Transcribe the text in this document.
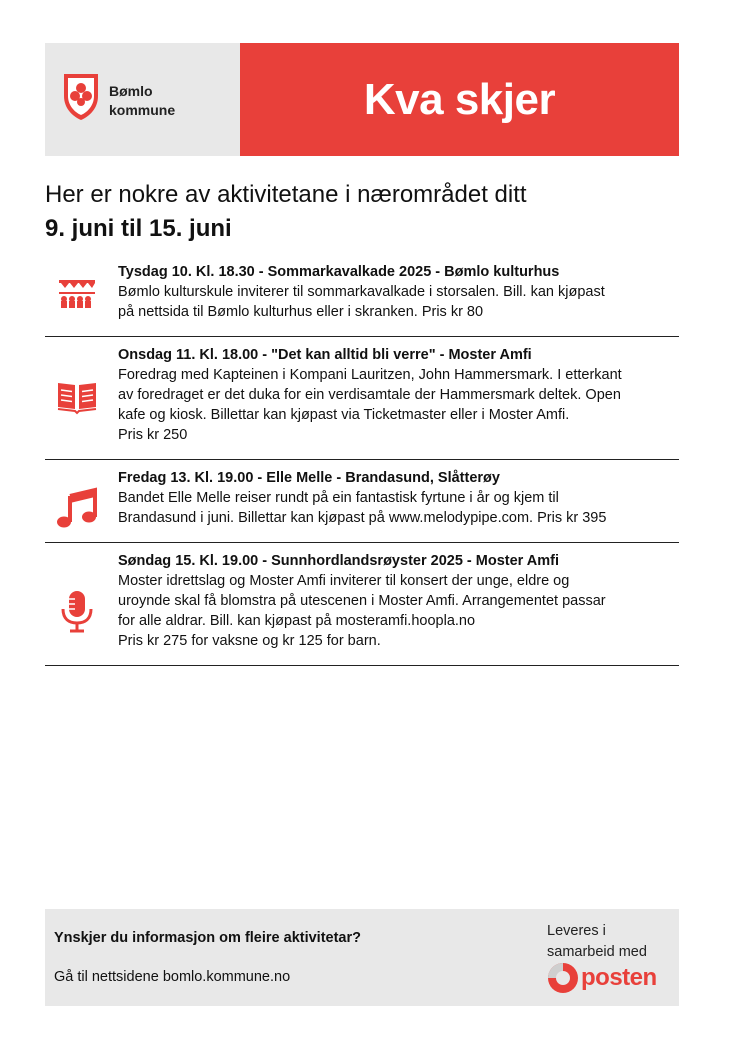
Bømlo
kommune	Kva skjer
Her er nokre av aktivitetane i nærområdet ditt
9. juni til 15. juni
Tysdag 10. Kl. 18.30 - Sommarkavalkade 2025 - Bømlo kulturhus
Bømlo kulturskule inviterer til sommarkavalkade i storsalen. Bill. kan kjøpast
på nettsida til Bømlo kulturhus eller i skranken. Pris kr 80
Onsdag 11. Kl. 18.00 - "Det kan alltid bli verre" - Moster Amfi
Foredrag med Kapteinen i Kompani Lauritzen, John Hammersmark. I etterkant
av foredraget er det duka for ein verdisamtale der Hammersmark deltek. Open
kafe og kiosk. Billettar kan kjøpast via Ticketmaster eller i Moster Amfi.
Pris kr 250
Fredag 13. Kl. 19.00 - Elle Melle - Brandasund, Slåtterøy
Bandet Elle Melle reiser rundt på ein fantastisk fyrtune i år og kjem til
Brandasund i juni. Billettar kan kjøpast på www.melodypipe.com. Pris kr 395
Søndag 15. Kl. 19.00 - Sunnhordlandsrøyster 2025 - Moster Amfi
Moster idrettslag og Moster Amfi inviterer til konsert der unge, eldre og
uroynde skal få blomstra på utescenen i Moster Amfi. Arrangementet passar
for alle aldrar. Bill. kan kjøpast på mosteramfi.hoopla.no
Pris kr 275 for vaksne og kr 125 for barn.
Ynskjer du informasjon om fleire aktivitetar?
Gå til nettsidene bomlo.kommune.no
Leveres i
samarbeid med
posten
